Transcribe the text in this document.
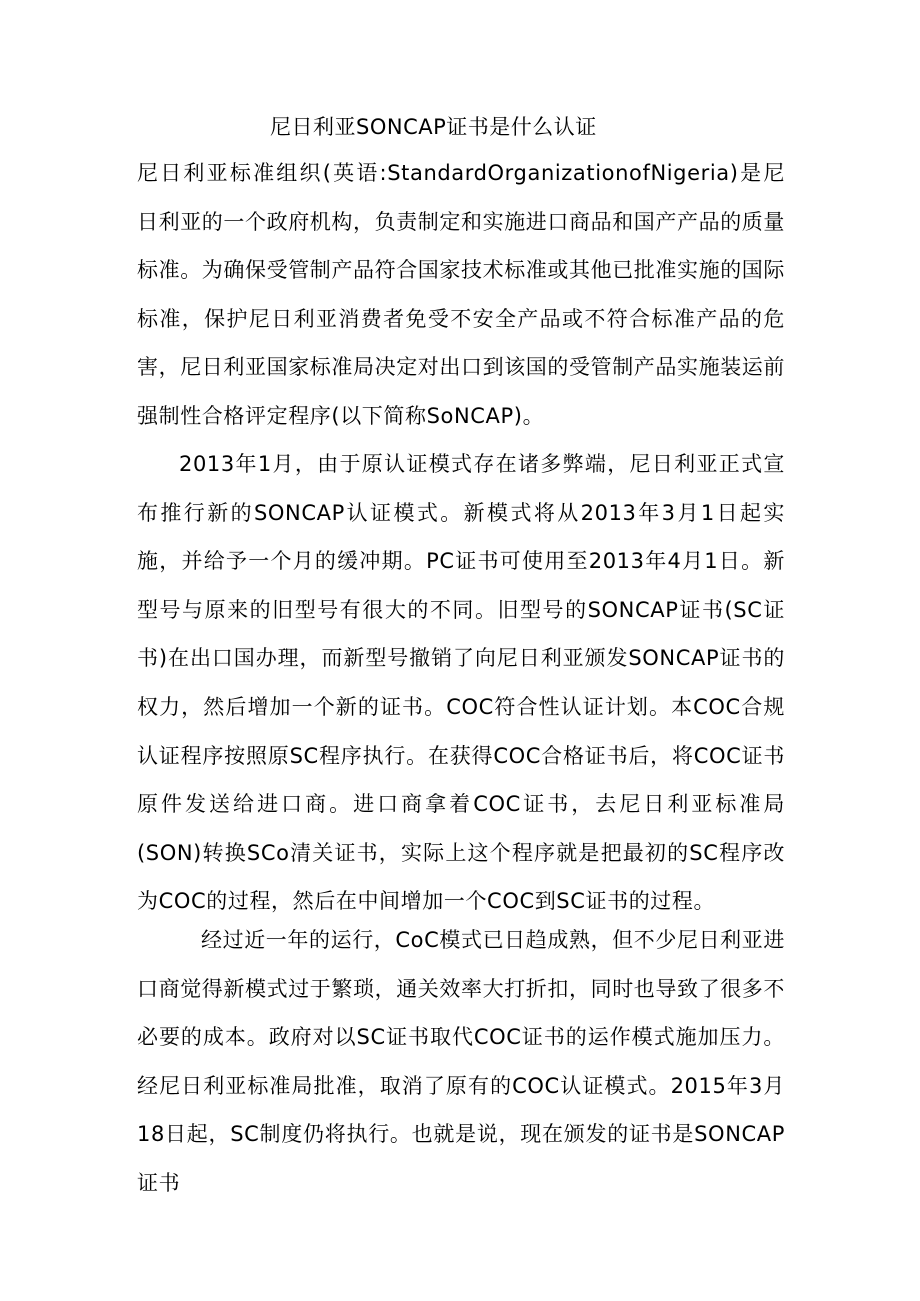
尼日利亚SONCAP证书是什么认证

尼日利亚标准组织(英语:StandardOrganizationofNigeria)是尼日利亚的一个政府机构，负责制定和实施进口商品和国产产品的质量标准。为确保受管制产品符合国家技术标准或其他已批准实施的国际标准，保护尼日利亚消费者免受不安全产品或不符合标准产品的危害，尼日利亚国家标准局决定对出口到该国的受管制产品实施装运前强制性合格评定程序(以下简称SoNCAP)。

2013年1月，由于原认证模式存在诸多弊端，尼日利亚正式宣布推行新的SONCAP认证模式。新模式将从2013年3月1日起实施，并给予一个月的缓冲期。PC证书可使用至2013年4月1日。新型号与原来的旧型号有很大的不同。旧型号的SONCAP证书(SC证书)在出口国办理，而新型号撤销了向尼日利亚颁发SONCAP证书的权力，然后增加一个新的证书。COC符合性认证计划。本COC合规认证程序按照原SC程序执行。在获得COC合格证书后，将COC证书原件发送给进口商。进口商拿着COC证书，去尼日利亚标准局(SON)转换SCo清关证书，实际上这个程序就是把最初的SC程序改为COC的过程，然后在中间增加一个COC到SC证书的过程。

经过近一年的运行，CoC模式已日趋成熟，但不少尼日利亚进口商觉得新模式过于繁琐，通关效率大打折扣，同时也导致了很多不必要的成本。政府对以SC证书取代COC证书的运作模式施加压力。经尼日利亚标准局批准，取消了原有的COC认证模式。2015年3月18日起，SC制度仍将执行。也就是说，现在颁发的证书是SONCAP证书
